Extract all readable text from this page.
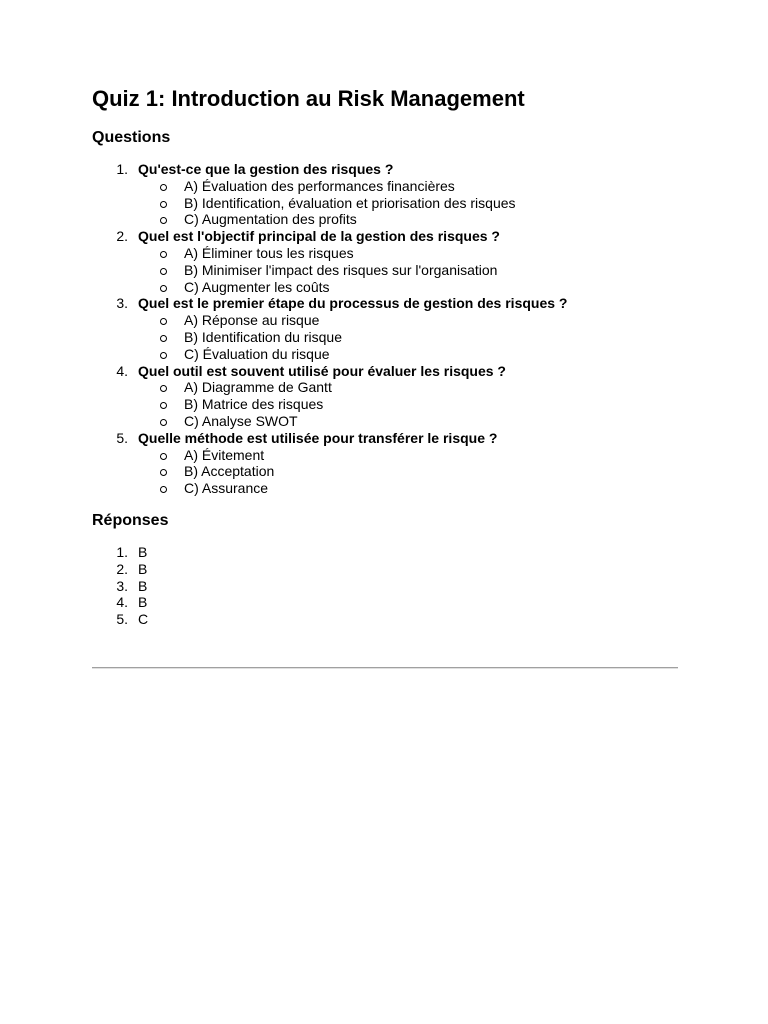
Quiz 1: Introduction au Risk Management
Questions
1. Qu'est-ce que la gestion des risques ?
A) Évaluation des performances financières
B) Identification, évaluation et priorisation des risques
C) Augmentation des profits
2. Quel est l'objectif principal de la gestion des risques ?
A) Éliminer tous les risques
B) Minimiser l'impact des risques sur l'organisation
C) Augmenter les coûts
3. Quel est le premier étape du processus de gestion des risques ?
A) Réponse au risque
B) Identification du risque
C) Évaluation du risque
4. Quel outil est souvent utilisé pour évaluer les risques ?
A) Diagramme de Gantt
B) Matrice des risques
C) Analyse SWOT
5. Quelle méthode est utilisée pour transférer le risque ?
A) Évitement
B) Acceptation
C) Assurance
Réponses
1. B
2. B
3. B
4. B
5. C
